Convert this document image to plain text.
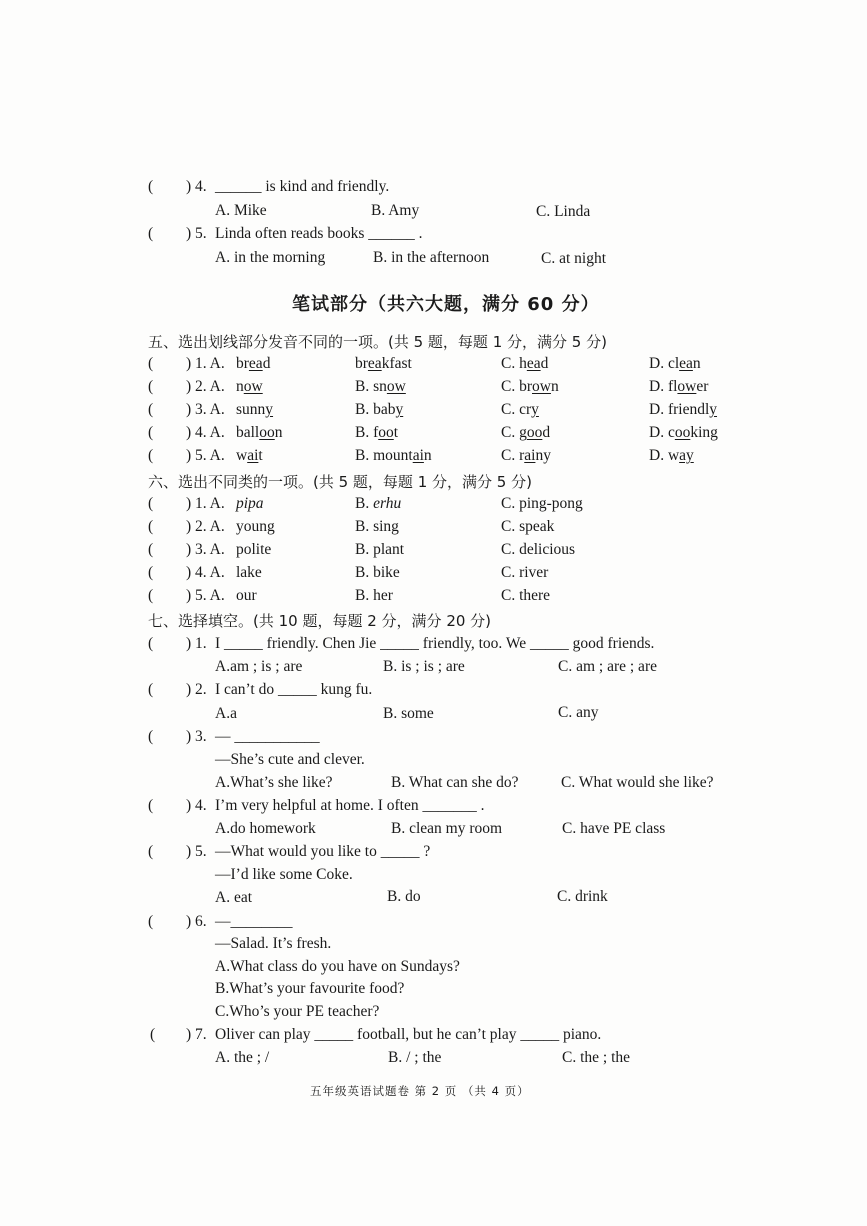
( ) 4. ______ is kind and friendly.
A. Mike	B. Amy	C. Linda
( ) 5. Linda often reads books ______ .
A. in the morning	B. in the afternoon	C. at night
笔试部分（共六大题，满分 60 分）
五、选出划线部分发音不同的一项。(共 5 题，每题 1 分，满分 5 分)
( ) 1. A. bread	breakfast	C. head	D. clean
( ) 2. A. now	B. snow	C. brown	D. flower
( ) 3. A. sunny	B. baby	C. cry	D. friendly
( ) 4. A. balloon	B. foot	C. good	D. cooking
( ) 5. A. wait	B. mountain	C. rainy	D. way
六、选出不同类的一项。(共 5 题，每题 1 分，满分 5 分)
( ) 1. A. pipa	B. erhu	C. ping-pong
( ) 2. A. young	B. sing	C. speak
( ) 3. A. polite	B. plant	C. delicious
( ) 4. A. lake	B. bike	C. river
( ) 5. A. our	B. her	C. there
七、选择填空。(共 10 题，每题 2 分，满分 20 分)
( ) 1. I _____ friendly. Chen Jie _____ friendly, too. We _____ good friends.
A.am ; is ; are	B. is ; is ; are	C. am ; are ; are
( ) 2. I can’t do _____ kung fu.
A.a	B. some	C. any
( ) 3. — ___________
—She’s cute and clever.
A.What’s she like?	B. What can she do?	C. What would she like?
( ) 4. I’m very helpful at home. I often _______ .
A.do homework	B. clean my room	C. have PE class
( ) 5. —What would you like to _____ ?
—I’d like some Coke.
A. eat	B. do	C. drink
( ) 6. —________
—Salad. It’s fresh.
A.What class do you have on Sundays?
B.What’s your favourite food?
C.Who’s your PE teacher?
( ) 7. Oliver can play _____ football, but he can’t play _____ piano.
A. the ; /	B. / ; the	C. the ; the
五年级英语试题卷 第 2 页 （共 4 页）
